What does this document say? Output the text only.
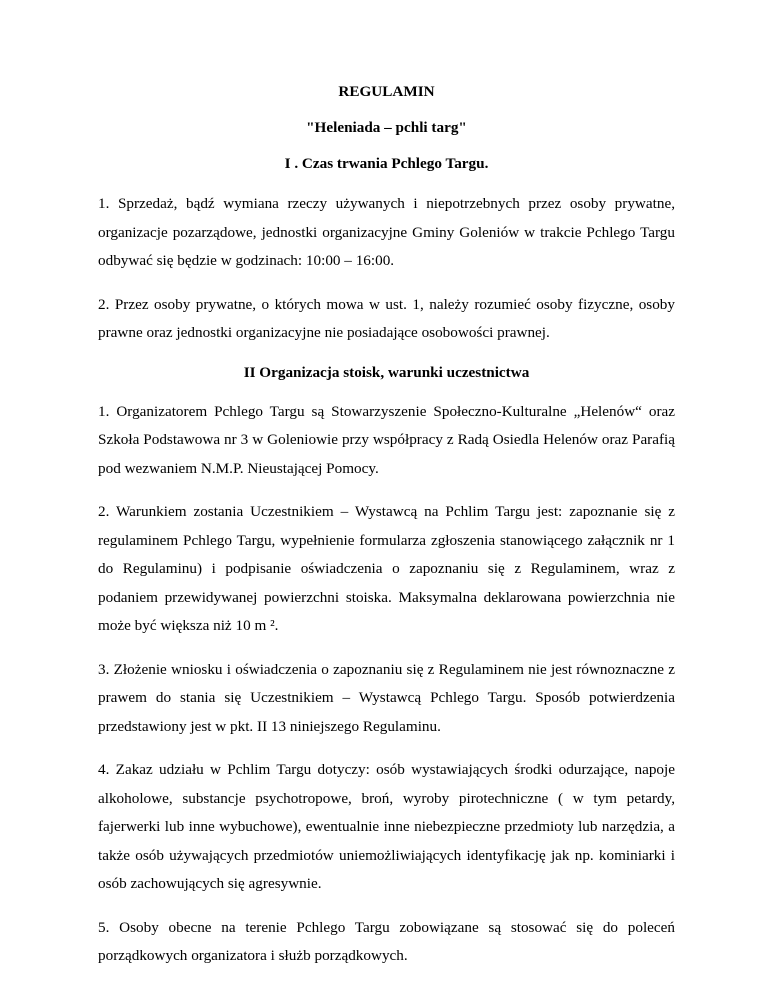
REGULAMIN

"Heleniada – pchli targ"

I . Czas trwania Pchlego Targu.

1. Sprzedaż, bądź wymiana rzeczy używanych i niepotrzebnych przez osoby prywatne, organizacje pozarządowe, jednostki organizacyjne Gminy Goleniów w trakcie Pchlego Targu odbywać się będzie w godzinach: 10:00 – 16:00.

2. Przez osoby prywatne, o których mowa w ust. 1, należy rozumieć osoby fizyczne, osoby prawne oraz jednostki organizacyjne nie posiadające osobowości prawnej.

II Organizacja stoisk, warunki uczestnictwa

1. Organizatorem Pchlego Targu są Stowarzyszenie Społeczno-Kulturalne „Helenów“ oraz Szkoła Podstawowa nr 3 w Goleniowie przy współpracy z Radą Osiedla Helenów oraz Parafią pod wezwaniem N.M.P. Nieustającej Pomocy.

2. Warunkiem zostania Uczestnikiem – Wystawcą na Pchlim Targu jest: zapoznanie się z regulaminem Pchlego Targu, wypełnienie formularza zgłoszenia stanowiącego załącznik nr 1 do Regulaminu) i podpisanie oświadczenia o zapoznaniu się z Regulaminem, wraz z podaniem przewidywanej powierzchni stoiska. Maksymalna deklarowana powierzchnia nie może być większa niż 10 m ².

3. Złożenie wniosku i oświadczenia o zapoznaniu się z Regulaminem nie jest równoznaczne z prawem do stania się Uczestnikiem – Wystawcą Pchlego Targu. Sposób potwierdzenia przedstawiony jest w pkt. II 13 niniejszego Regulaminu.

4. Zakaz udziału w Pchlim Targu dotyczy: osób wystawiających środki odurzające, napoje alkoholowe, substancje psychotropowe, broń, wyroby pirotechniczne ( w tym petardy, fajerwerki lub inne wybuchowe), ewentualnie inne niebezpieczne przedmioty lub narzędzia, a także osób używających przedmiotów uniemożliwiających identyfikację jak np. kominiarki i osób zachowujących się agresywnie.

5. Osoby obecne na terenie Pchlego Targu zobowiązane są stosować się do poleceń porządkowych organizatora i służb porządkowych.
